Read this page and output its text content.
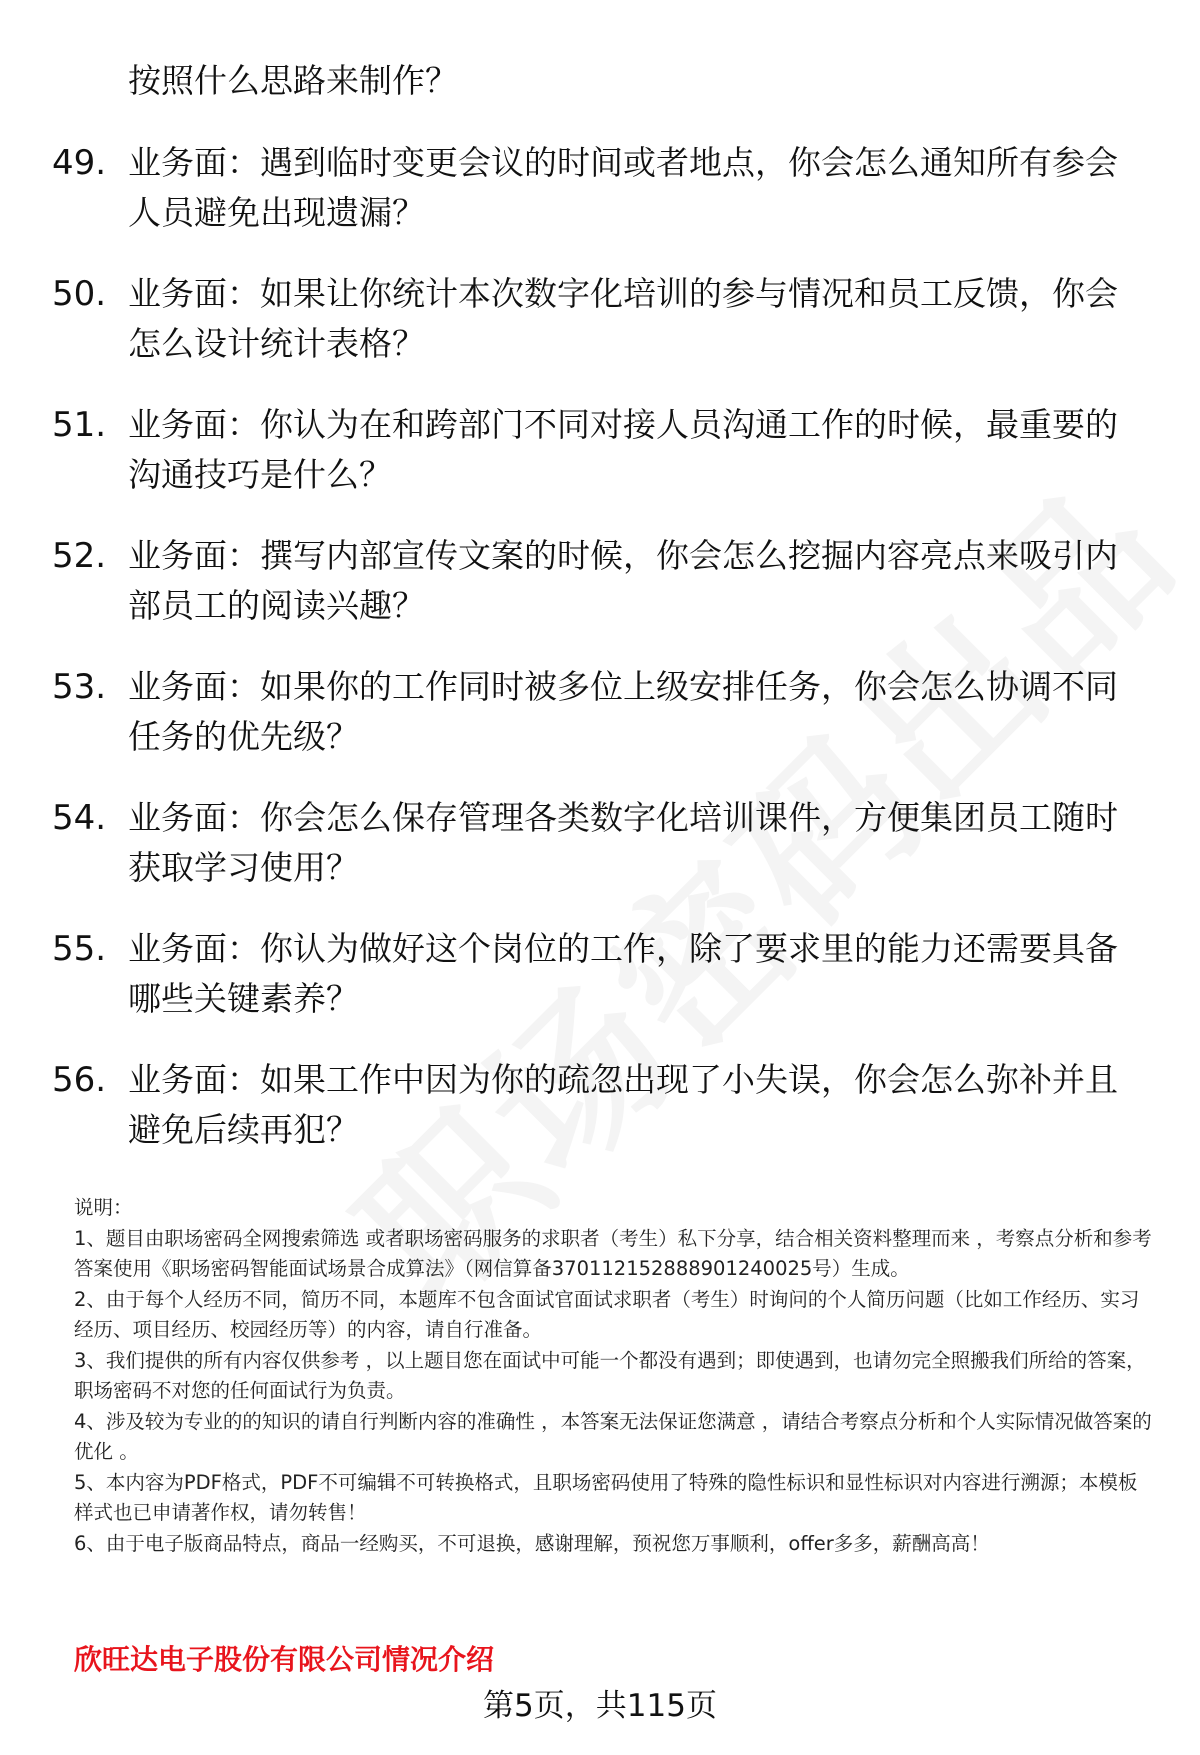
按照什么思路来制作？
49. 业务面：遇到临时变更会议的时间或者地点，你会怎么通知所有参会人员避免出现遗漏？
50. 业务面：如果让你统计本次数字化培训的参与情况和员工反馈，你会怎么设计统计表格？
51. 业务面：你认为在和跨部门不同对接人员沟通工作的时候，最重要的沟通技巧是什么？
52. 业务面：撰写内部宣传文案的时候，你会怎么挖掘内容亮点来吸引内部员工的阅读兴趣？
53. 业务面：如果你的工作同时被多位上级安排任务，你会怎么协调不同任务的优先级？
54. 业务面：你会怎么保存管理各类数字化培训课件，方便集团员工随时获取学习使用？
55. 业务面：你认为做好这个岗位的工作，除了要求里的能力还需要具备哪些关键素养？
56. 业务面：如果工作中因为你的疏忽出现了小失误，你会怎么弥补并且避免后续再犯？

说明：

1、题目由职场密码全网搜索筛选 或者职场密码服务的求职者（考生）私下分享，结合相关资料整理而来 ，考察点分析和参考答案使用《职场密码智能面试场景合成算法》（网信算备370112152888901240025号）生成。

2、由于每个人经历不同，简历不同，本题库不包含面试官面试求职者（考生）时询问的个人简历问题（比如工作经历、实习经历、项目经历、校园经历等）的内容，请自行准备。

3、我们提供的所有内容仅供参考 ，以上题目您在面试中可能一个都没有遇到；即使遇到，也请勿完全照搬我们所给的答案，职场密码不对您的任何面试行为负责。

4、涉及较为专业的的知识的请自行判断内容的准确性 ，本答案无法保证您满意 ，请结合考察点分析和个人实际情况做答案的优化 。

5、本内容为PDF格式，PDF不可编辑不可转换格式，且职场密码使用了特殊的隐性标识和显性标识对内容进行溯源；本模板样式也已申请著作权，请勿转售！

6、由于电子版商品特点，商品一经购买，不可退换，感谢理解，预祝您万事顺利，offer多多，薪酬高高！

欣旺达电子股份有限公司情况介绍
第5页，共115页
